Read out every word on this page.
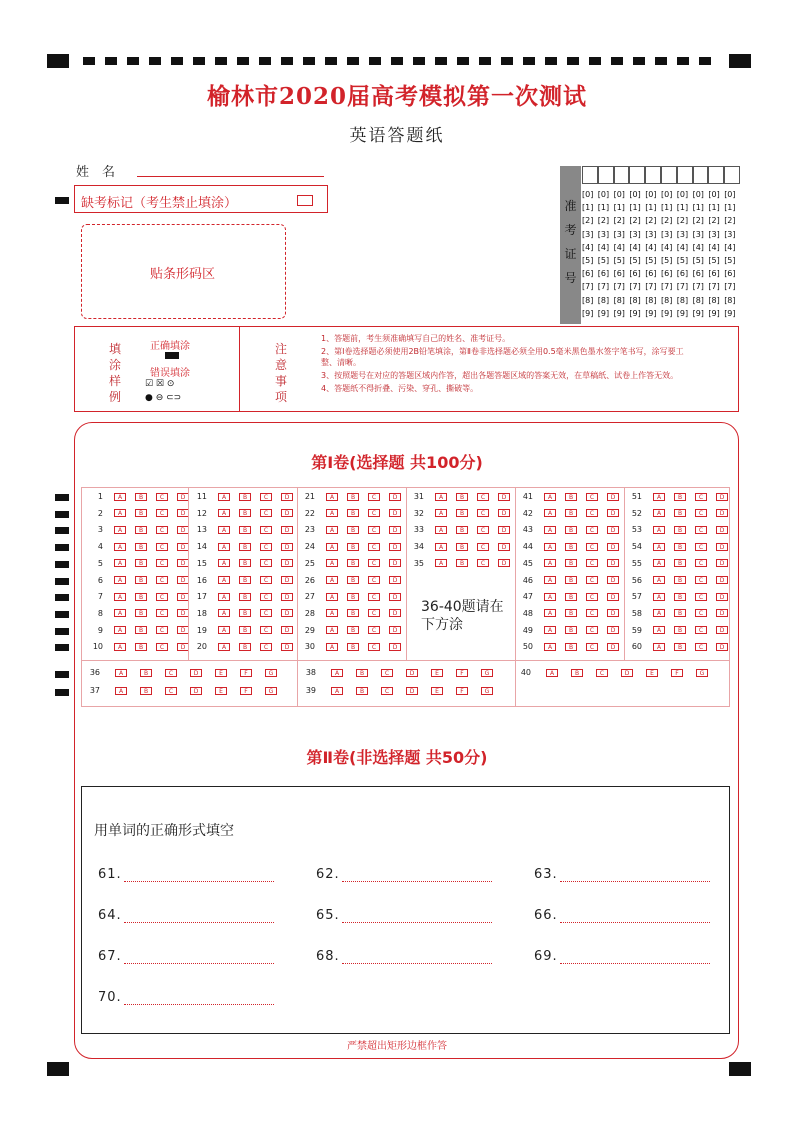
榆林市2020届高考模拟第一次测试
英语答题纸
姓　名
缺考标记（考生禁止填涂）
贴条形码区
准
考
证
号
[0] [0] [0] [0] [0] [0] [0] [0] [0] [0]
[1] [1] [1] [1] [1] [1] [1] [1] [1] [1]
[2] [2] [2] [2] [2] [2] [2] [2] [2] [2]
[3] [3] [3] [3] [3] [3] [3] [3] [3] [3]
[4] [4] [4] [4] [4] [4] [4] [4] [4] [4]
[5] [5] [5] [5] [5] [5] [5] [5] [5] [5]
[6] [6] [6] [6] [6] [6] [6] [6] [6] [6]
[7] [7] [7] [7] [7] [7] [7] [7] [7] [7]
[8] [8] [8] [8] [8] [8] [8] [8] [8] [8]
[9] [9] [9] [9] [9] [9] [9] [9] [9] [9]
填
涂
样
例
正确填涂
错误填涂
☑ ☒ ⊙
● ⊖ ⊂⊃
注
意
事
项
1、答题前，考生须准确填写自己的姓名、准考证号。
2、第Ⅰ卷选择题必须使用2B铅笔填涂，第Ⅱ卷非选择题必须全用0.5毫米黑色墨水签字笔书写，涂写要工整、清晰。
3、按照题号在对应的答题区域内作答，超出各题答题区域的答案无效，在草稿纸、试卷上作答无效。
4、答题纸不得折叠、污染、穿孔、撕破等。
第Ⅰ卷(选择题 共100分)
1 A	B	C	D
2 A	B	C	D
3 A	B	C	D
4 A	B	C	D
5 A	B	C	D
6 A	B	C	D
7 A	B	C	D
8 A	B	C	D
9 A	B	C	D
10 A	B	C	D
11 A	B	C	D
12 A	B	C	D
13 A	B	C	D
14 A	B	C	D
15 A	B	C	D
16 A	B	C	D
17 A	B	C	D
18 A	B	C	D
19 A	B	C	D
20 A	B	C	D
21 A	B	C	D
22 A	B	C	D
23 A	B	C	D
24 A	B	C	D
25 A	B	C	D
26 A	B	C	D
27 A	B	C	D
28 A	B	C	D
29 A	B	C	D
30 A	B	C	D
31 A	B	C	D
32 A	B	C	D
33 A	B	C	D
34 A	B	C	D
35 A	B	C	D
41 A	B	C	D
42 A	B	C	D
43 A	B	C	D
44 A	B	C	D
45 A	B	C	D
46 A	B	C	D
47 A	B	C	D
48 A	B	C	D
49 A	B	C	D
50 A	B	C	D
51 A	B	C	D
52 A	B	C	D
53 A	B	C	D
54 A	B	C	D
55 A	B	C	D
56 A	B	C	D
57 A	B	C	D
58 A	B	C	D
59 A	B	C	D
60 A	B	C	D
36	A	B	C	D	E	F	G
37	A	B	C	D	E	F	G
38	A	B	C	D	E	F	G
39	A	B	C	D	E	F	G
40	A	B	C	D	E	F	G
36-40题请在下方涂
第Ⅱ卷(非选择题 共50分)
用单词的正确形式填空
61.	62.	63.
64.	65.	66.
67.	68.	69.
70.
严禁超出矩形边框作答
